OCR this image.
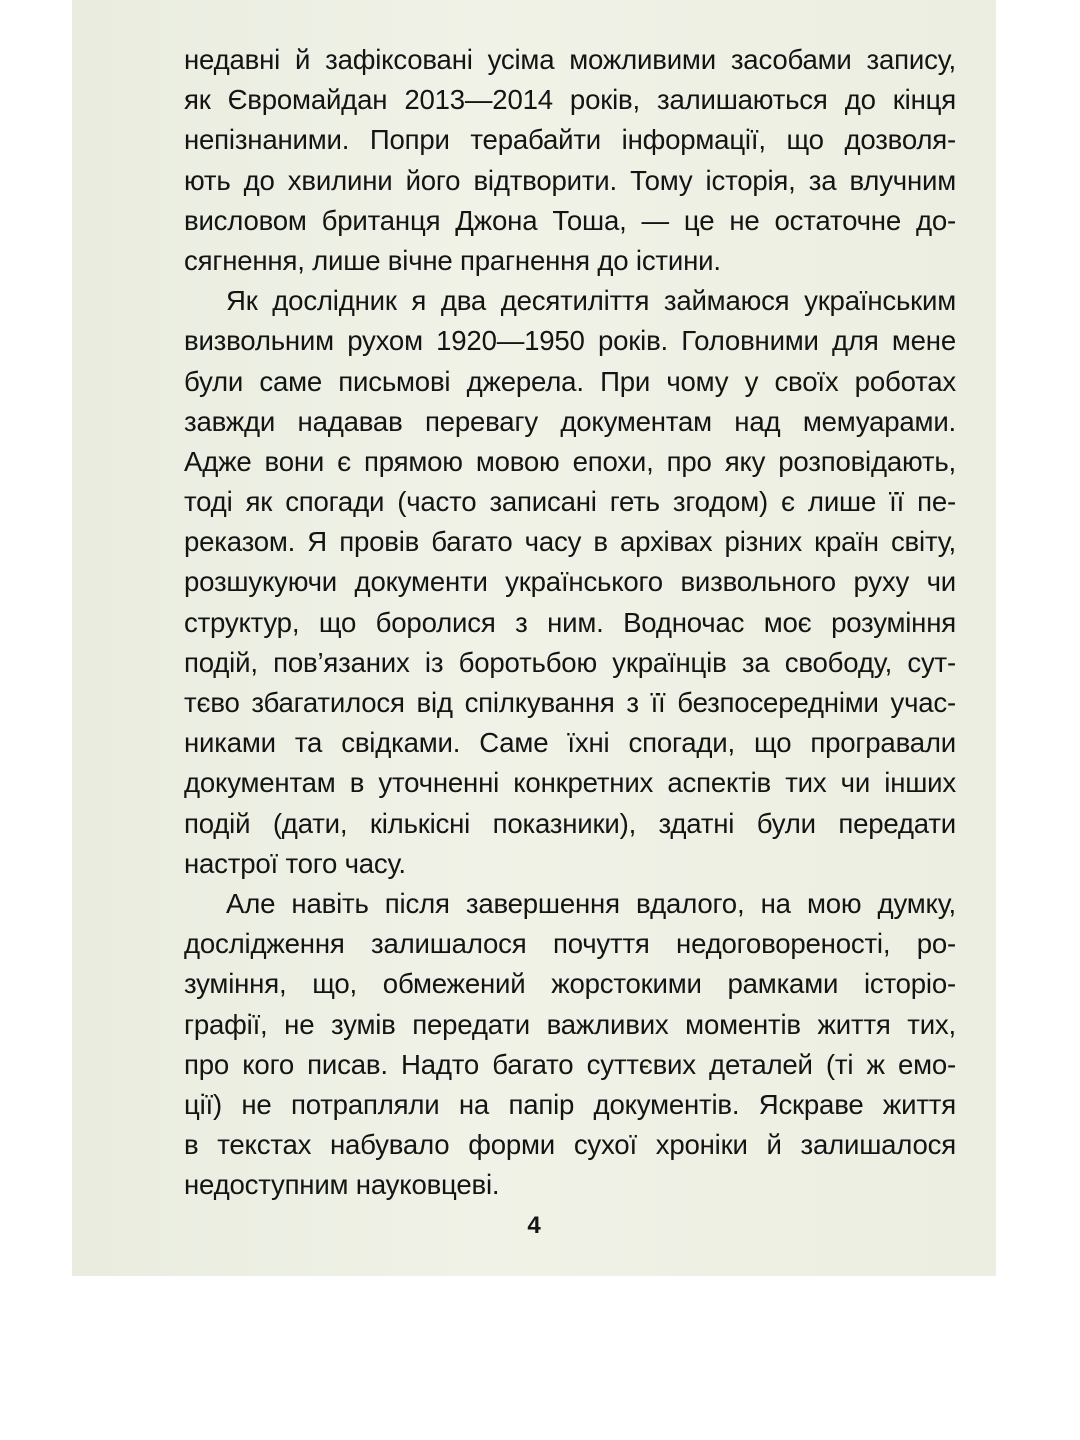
недавні й зафіксовані усіма можливими засобами запису,
як Євромайдан 2013—2014 років, залишаються до кінця
непізнаними. Попри терабайти інформації, що дозволя-
ють до хвилини його відтворити. Тому історія, за влучним
висловом британця Джона Тоша, — це не остаточне до-
сягнення, лише вічне прагнення до істини.
Як дослідник я два десятиліття займаюся українським
визвольним рухом 1920—1950 років. Головними для мене
були саме письмові джерела. При чому у своїх роботах
завжди надавав перевагу документам над мемуарами.
Адже вони є прямою мовою епохи, про яку розповідають,
тоді як спогади (часто записані геть згодом) є лише її пе-
реказом. Я провів багато часу в архівах різних країн світу,
розшукуючи документи українського визвольного руху чи
структур, що боролися з ним. Водночас моє розуміння
подій, пов’язаних із боротьбою українців за свободу, сут-
тєво збагатилося від спілкування з її безпосередніми учас-
никами та свідками. Саме їхні спогади, що програвали
документам в уточненні конкретних аспектів тих чи інших
подій (дати, кількісні показники), здатні були передати
настрої того часу.
Але навіть після завершення вдалого, на мою думку,
дослідження залишалося почуття недоговореності, ро-
зуміння, що, обмежений жорстокими рамками історіо-
графії, не зумів передати важливих моментів життя тих,
про кого писав. Надто багато суттєвих деталей (ті ж емо-
ції) не потрапляли на папір документів. Яскраве життя
в текстах набувало форми сухої хроніки й залишалося
недоступним науковцеві.
4
